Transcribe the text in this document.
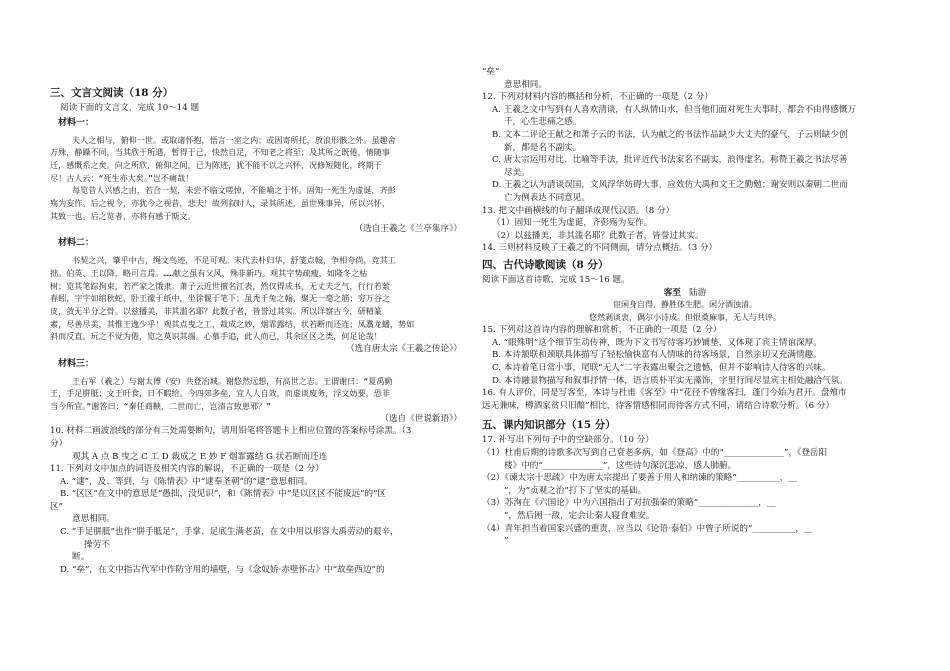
三、文言文阅读（18 分）

阅读下面的文言文，完成 10～14 题

材料一：

夫人之相与，俯仰一世。或取诸怀抱，悟言一室之内；或因寄所托，放浪形骸之外。虽趣舍

万殊，静躁不同，当其欣于所遇，暂得于己，快然自足，不知老之将至；及其所之既倦，情随事

迁，感慨系之矣。向之所欣，俯仰之间，已为陈迹，犹不能不以之兴怀，况修短随化，终期于

尽！古人云：“死生亦大矣。”岂不痛哉！

每览昔人兴感之由，若合一契，未尝不临文嗟悼，不能喻之于怀。固知一死生为虚诞，齐彭

殇为妄作。后之视今，亦犹今之视昔，悲夫！故列叙时人，录其所述，虽世殊事异，所以兴怀，

其致一也。后之览者，亦将有感于斯文。

（选自王羲之《兰亭集序》）

材料二：

书契之兴，肇乎中古，绳文鸟迹，不足可观。末代去朴归华，舒笺点翰，争相夸尚，竞其工

拙。伯英、王以降，略可言焉。……献之虽有父风，殊非新巧。观其字势疏瘦，如隆冬之枯

树；览其笔踪拘束，若严家之饿隶。萧子云近世擅名江表，然仅得成书，无丈夫之气，行行若萦

春蚓，字字如绾秋蛇，卧王濛于纸中，坐徐偃于笔下；虽秃千兔之翰，聚无一毫之筋；穷万谷之

皮，敛无半分之骨。以兹播美，非其滥名耶？此数子者，皆誉过其实。所以详察古今，研精篆

素，尽善尽美，其惟王逸少乎！观其点曳之工，裁成之妙，烟霏露结，状若断而还连；凤翥龙蟠，势如

斜而反直。玩之不觉为倦，览之莫识其端。心慕手追，此人而已，其余区区之类，何足论哉！

（选自唐太宗《王羲之传论》）

材料三：

王右军（羲之）与谢太傅（安）共登冶城。谢悠然远想，有高世之志。王谓谢曰：“夏禹勤

王，手足胼胝；文王旰食，日不暇给。今四郊多垒，宜人人自效，而虚谈废务，浮文妨要，恐非

当今所宜。”谢答曰：“秦任商鞅，二世而亡，岂清言致患邪？”

（选自《世说新语》）

10. 材料二画波浪线的部分有三处需要断句，请用铅笔将答题卡上相应位置的答案标号涂黑。（3

分）

观其 A 点 B 曳之 C 工 D 裁成之 E 妙 F 烟霏露结 G 状若断而还连

11. 下列对文中加点的词语及相关内容的解说，不正确的一项是（2 分）

A. “逮”，及、等到，与《陈情表》中“逮奉圣朝”的“逮”意思相同。

B. “区区”在文中的意思是“愚拙，没见识”，和《陈情表》中“是以区区不能废远”的“区

区”

意思相同。

C. “手足胼胝”也作“胼手胝足”，手掌、足底生满老茧，在文中用以形容大禹劳动的艰辛，

操劳不

断。

D. “垒”，在文中指古代军中作防守用的墙壁，与《念奴娇·赤壁怀古》中“故垒西边”的

“垒”

意思相同。

12. 下列对材料内容的概括和分析，不正确的一项是（2 分）

A. 王羲之文中写到有人喜欢清谈，有人纵情山水，但当他们面对死生大事时，都会不由得感慨万

千，心生悲痛之感。

B. 文本二评论王献之和萧子云的书法，认为献之的书法作品缺少大丈夫的豪气，子云则缺少创

新，都是名不副实。

C. 唐太宗运用对比、比喻等手法，批评近代书法家名不副实，浪得虚名，称赞王羲之书法尽善

尽美。

D. 王羲之认为清谈误国，文风浮华妨碍大事，应效仿大禹和文王之勤勉；谢安则以秦朝二世而

亡为例表达不同意见。

13. 把文中画横线的句子翻译成现代汉语。（8 分）

（1）固知一死生为虚诞，齐彭殇为妄作。

（2）以兹播美，非其滥名耶？此数子者，皆誉过其实。

14. 三则材料反映了王羲之的不同侧面，请分点概括。（3 分）

四、古代诗歌阅读（8 分）

阅读下面这首诗歌，完成 15～16 题。

客至 陆游

宦闲身自得，静胜体生肥。闲分酒浊清。

悠然剥谈衷，偶尔小诗成。但恨桑麻事，无人与共评。

15. 下列对这首诗内容的理解和赏析，不正确的一项是（2 分）

A. “眼殊明”这个细节生动传神，既为下文书写待客巧妙铺垫，又体现了宾主情谊深厚。

B. 本诗颔联和颈联具体描写了轻松愉快富有人情味的待客场景，自然亲切又充满情趣。

C. 本诗着笔日常小事，尾联“无人”二字表露出聚会之遗憾，但并不影响诗人待客的兴味。

D. 本诗融景物描写和叙事抒情一体，语言质朴平实无藻饰，字里行间尽显宾主相处融洽气氛。

16. 有人评价，同是写客至，本诗与杜甫《客至》中“花径不曾缘客扫，蓬门今始为君开。盘飧市

远无兼味，樽酒家贫只旧醅”相比，待客情感相同而待客方式不同，请结合诗歌分析。（6 分）

五、课内知识部分（15 分）

17. 补写出下列句子中的空缺部分。（10 分）

（1）杜甫后期的诗歌多次写到自己衰老多病，如《登高》中的“______________”，《登岳阳

楼》中的“______________”，这些诗句深沉悲凉，感人肺腑。

（2）《谏太宗十思疏》中为唐太宗提出了要善于用人和纳谏的策略“__________，__

”，为“贞观之治”打下了坚实的基础。

（3）苏洵在《六国论》中为六国指出了对抗强秦的策略“______________，__

”，然后困一敌，定会让秦人寝食难安。

（4）青年担当着国家兴盛的重责，应当以《论语·泰伯》中曾子所说的“__________，__

”
